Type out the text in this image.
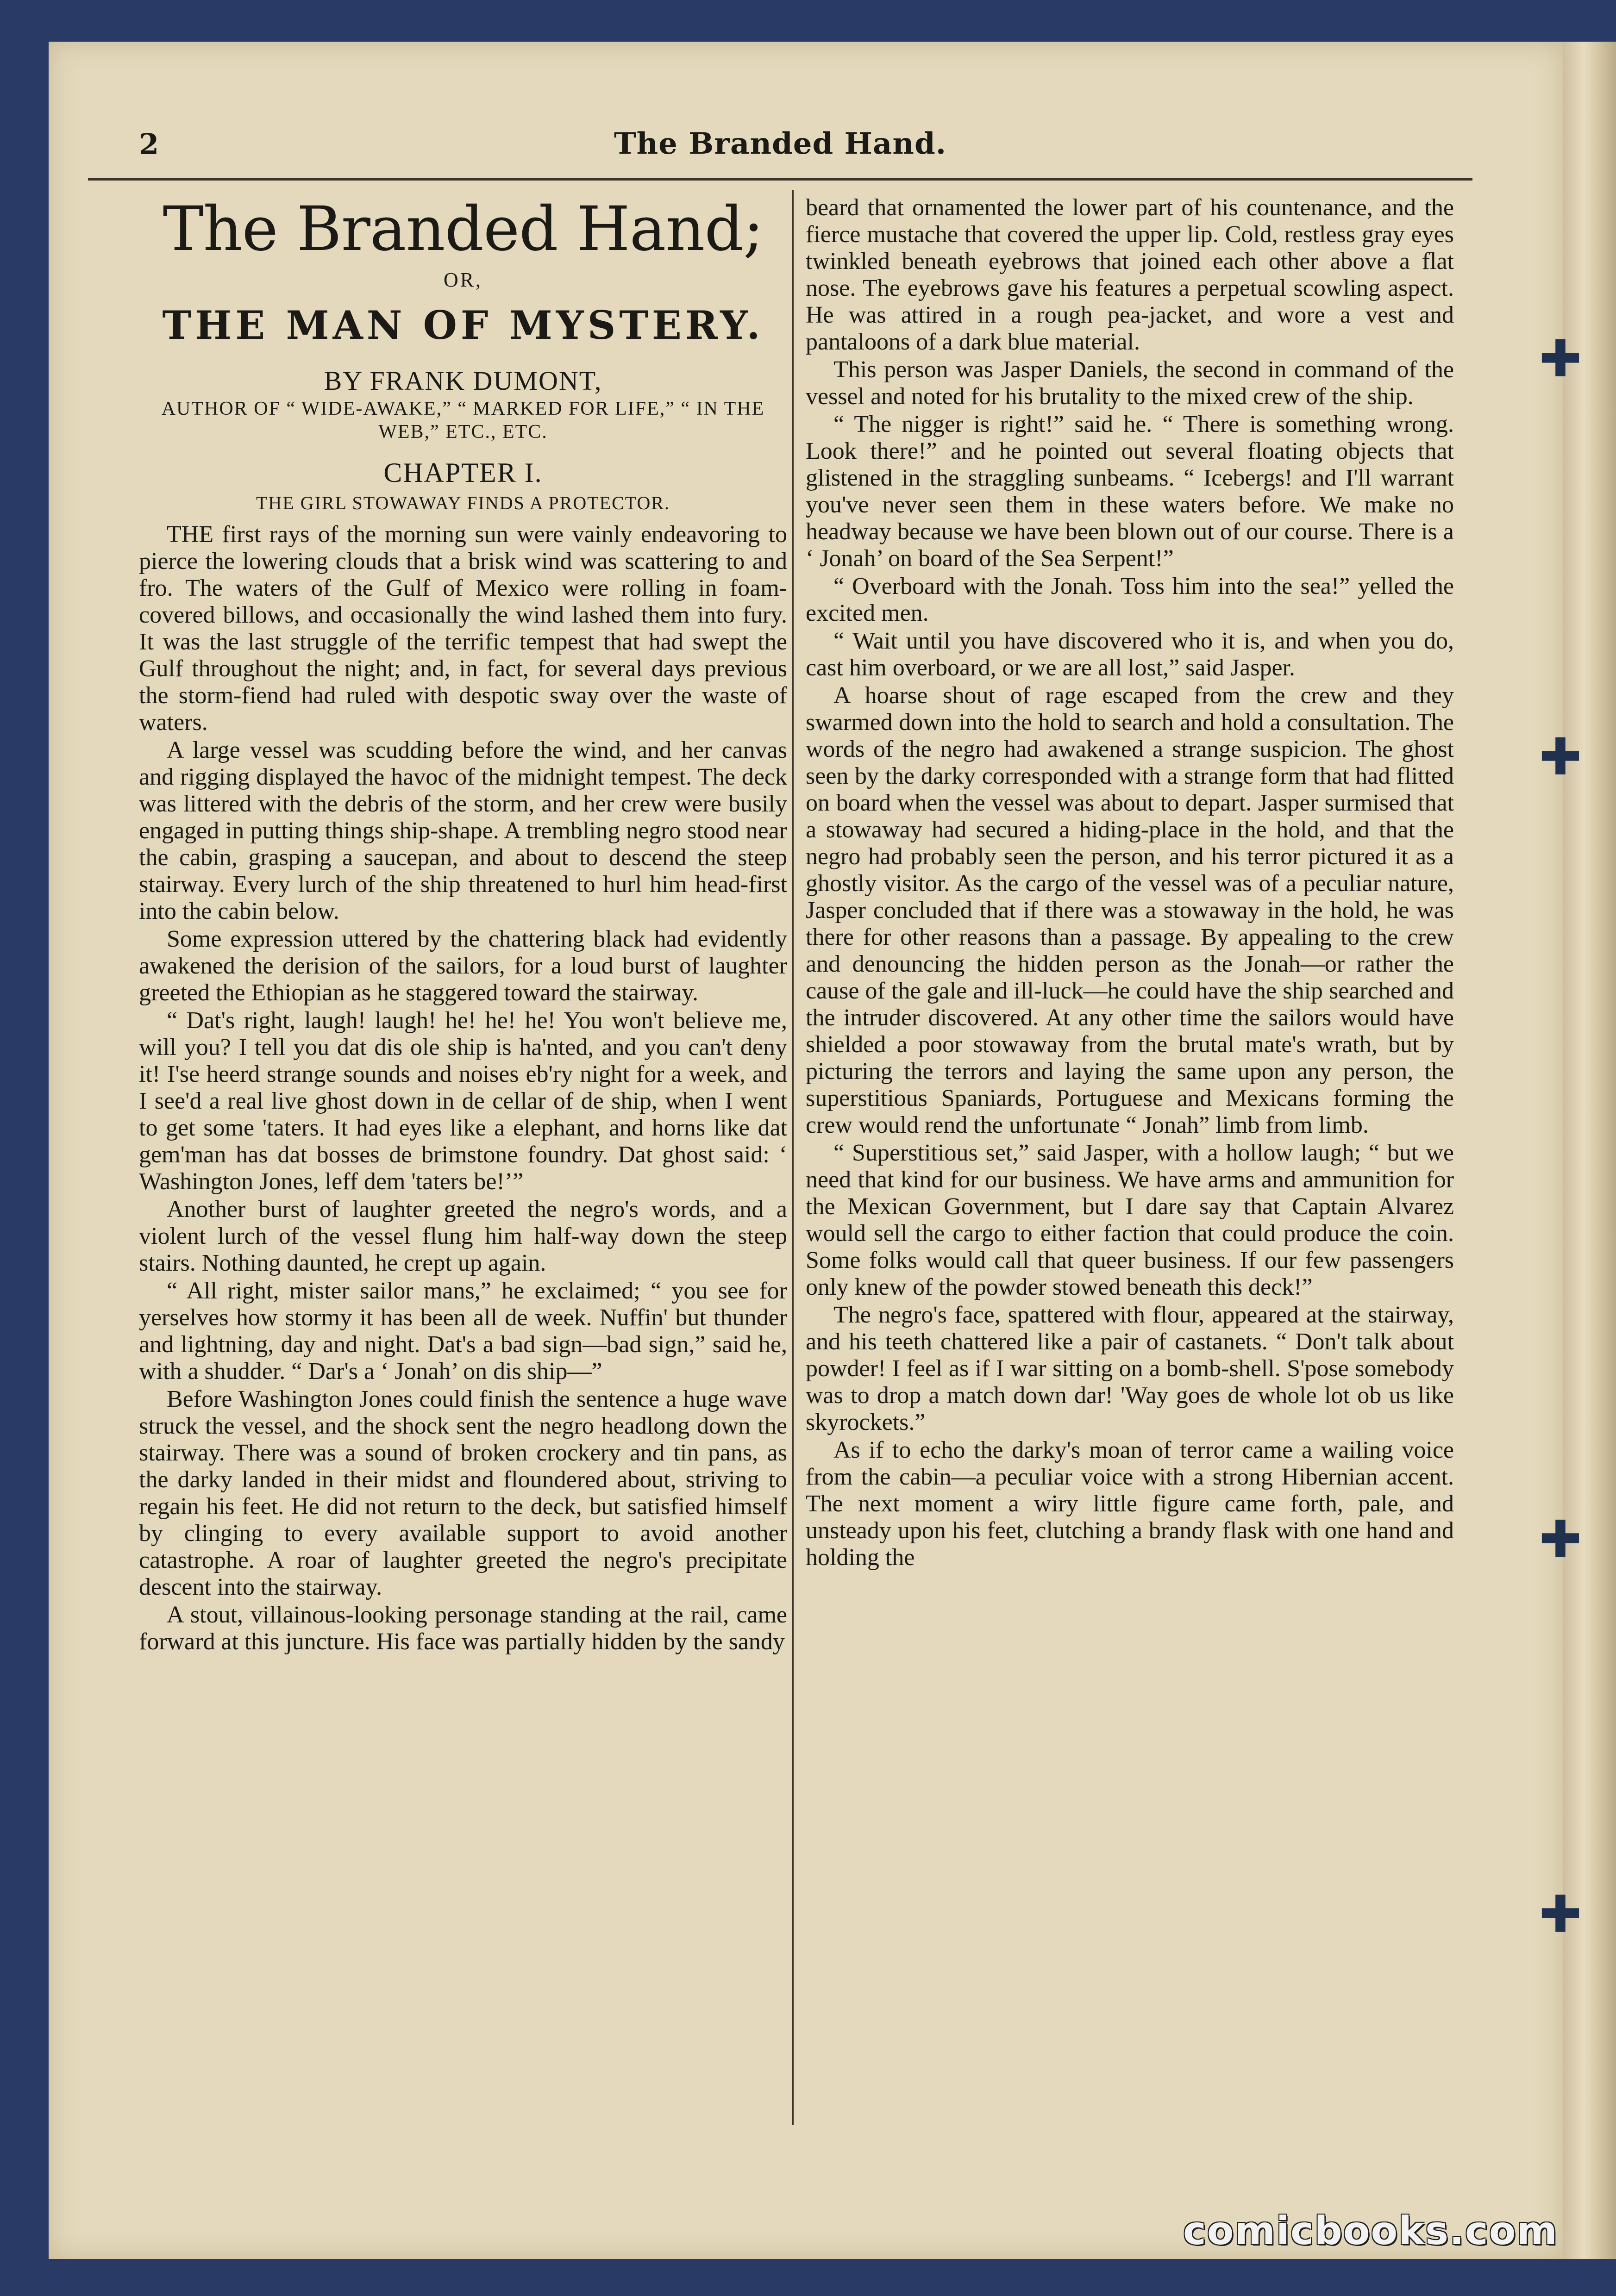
✚
✚
✚
✚
2	The Branded Hand.
The Branded Hand;
OR,
THE MAN OF MYSTERY.
BY FRANK DUMONT,
AUTHOR OF “ WIDE-AWAKE,” “ MARKED FOR LIFE,” “ IN THE WEB,” ETC., ETC.
CHAPTER I.
THE GIRL STOWAWAY FINDS A PROTECTOR.

THE first rays of the morning sun were vainly endeavoring to pierce the lowering clouds that a brisk wind was scattering to and fro. The waters of the Gulf of Mexico were rolling in foam-covered billows, and occasionally the wind lashed them into fury. It was the last struggle of the terrific tempest that had swept the Gulf throughout the night; and, in fact, for several days previous the storm-fiend had ruled with despotic sway over the waste of waters.

A large vessel was scudding before the wind, and her canvas and rigging displayed the havoc of the midnight tempest. The deck was littered with the debris of the storm, and her crew were busily engaged in putting things ship-shape. A trembling negro stood near the cabin, grasping a saucepan, and about to descend the steep stairway. Every lurch of the ship threatened to hurl him head-first into the cabin below.

Some expression uttered by the chattering black had evidently awakened the derision of the sailors, for a loud burst of laughter greeted the Ethiopian as he staggered toward the stairway.

“ Dat's right, laugh! laugh! he! he! he! You won't believe me, will you? I tell you dat dis ole ship is ha'nted, and you can't deny it! I'se heerd strange sounds and noises eb'ry night for a week, and I see'd a real live ghost down in de cellar of de ship, when I went to get some 'taters. It had eyes like a elephant, and horns like dat gem'man has dat bosses de brimstone foundry. Dat ghost said: ‘ Washington Jones, leff dem 'taters be!’”

Another burst of laughter greeted the negro's words, and a violent lurch of the vessel flung him half-way down the steep stairs. Nothing daunted, he crept up again.

“ All right, mister sailor mans,” he exclaimed; “ you see for yerselves how stormy it has been all de week. Nuffin' but thunder and lightning, day and night. Dat's a bad sign—bad sign,” said he, with a shudder. “ Dar's a ‘ Jonah’ on dis ship—”

Before Washington Jones could finish the sentence a huge wave struck the vessel, and the shock sent the negro headlong down the stairway. There was a sound of broken crockery and tin pans, as the darky landed in their midst and floundered about, striving to regain his feet. He did not return to the deck, but satisfied himself by clinging to every available support to avoid another catastrophe. A roar of laughter greeted the negro's precipitate descent into the stairway.

A stout, villainous-looking personage standing at the rail, came forward at this juncture. His face was partially hidden by the sandy

beard that ornamented the lower part of his countenance, and the fierce mustache that covered the upper lip. Cold, restless gray eyes twinkled beneath eyebrows that joined each other above a flat nose. The eyebrows gave his features a perpetual scowling aspect. He was attired in a rough pea-jacket, and wore a vest and pantaloons of a dark blue material.

This person was Jasper Daniels, the second in command of the vessel and noted for his brutality to the mixed crew of the ship.

“ The nigger is right!” said he. “ There is something wrong. Look there!” and he pointed out several floating objects that glistened in the straggling sunbeams. “ Icebergs! and I'll warrant you've never seen them in these waters before. We make no headway because we have been blown out of our course. There is a ‘ Jonah’ on board of the Sea Serpent!”

“ Overboard with the Jonah. Toss him into the sea!” yelled the excited men.

“ Wait until you have discovered who it is, and when you do, cast him overboard, or we are all lost,” said Jasper.

A hoarse shout of rage escaped from the crew and they swarmed down into the hold to search and hold a consultation. The words of the negro had awakened a strange suspicion. The ghost seen by the darky corresponded with a strange form that had flitted on board when the vessel was about to depart. Jasper surmised that a stowaway had secured a hiding-place in the hold, and that the negro had probably seen the person, and his terror pictured it as a ghostly visitor. As the cargo of the vessel was of a peculiar nature, Jasper concluded that if there was a stowaway in the hold, he was there for other reasons than a passage. By appealing to the crew and denouncing the hidden person as the Jonah—or rather the cause of the gale and ill-luck—he could have the ship searched and the intruder discovered. At any other time the sailors would have shielded a poor stowaway from the brutal mate's wrath, but by picturing the terrors and laying the same upon any person, the superstitious Spaniards, Portuguese and Mexicans forming the crew would rend the unfortunate “ Jonah” limb from limb.

“ Superstitious set,” said Jasper, with a hollow laugh; “ but we need that kind for our business. We have arms and ammunition for the Mexican Government, but I dare say that Captain Alvarez would sell the cargo to either faction that could produce the coin. Some folks would call that queer business. If our few passengers only knew of the powder stowed beneath this deck!”

The negro's face, spattered with flour, appeared at the stairway, and his teeth chattered like a pair of castanets. “ Don't talk about powder! I feel as if I war sitting on a bomb-shell. S'pose somebody was to drop a match down dar! 'Way goes de whole lot ob us like skyrockets.”

As if to echo the darky's moan of terror came a wailing voice from the cabin—a peculiar voice with a strong Hibernian accent. The next moment a wiry little figure came forth, pale, and unsteady upon his feet, clutching a brandy flask with one hand and holding the

comicbooks.com
